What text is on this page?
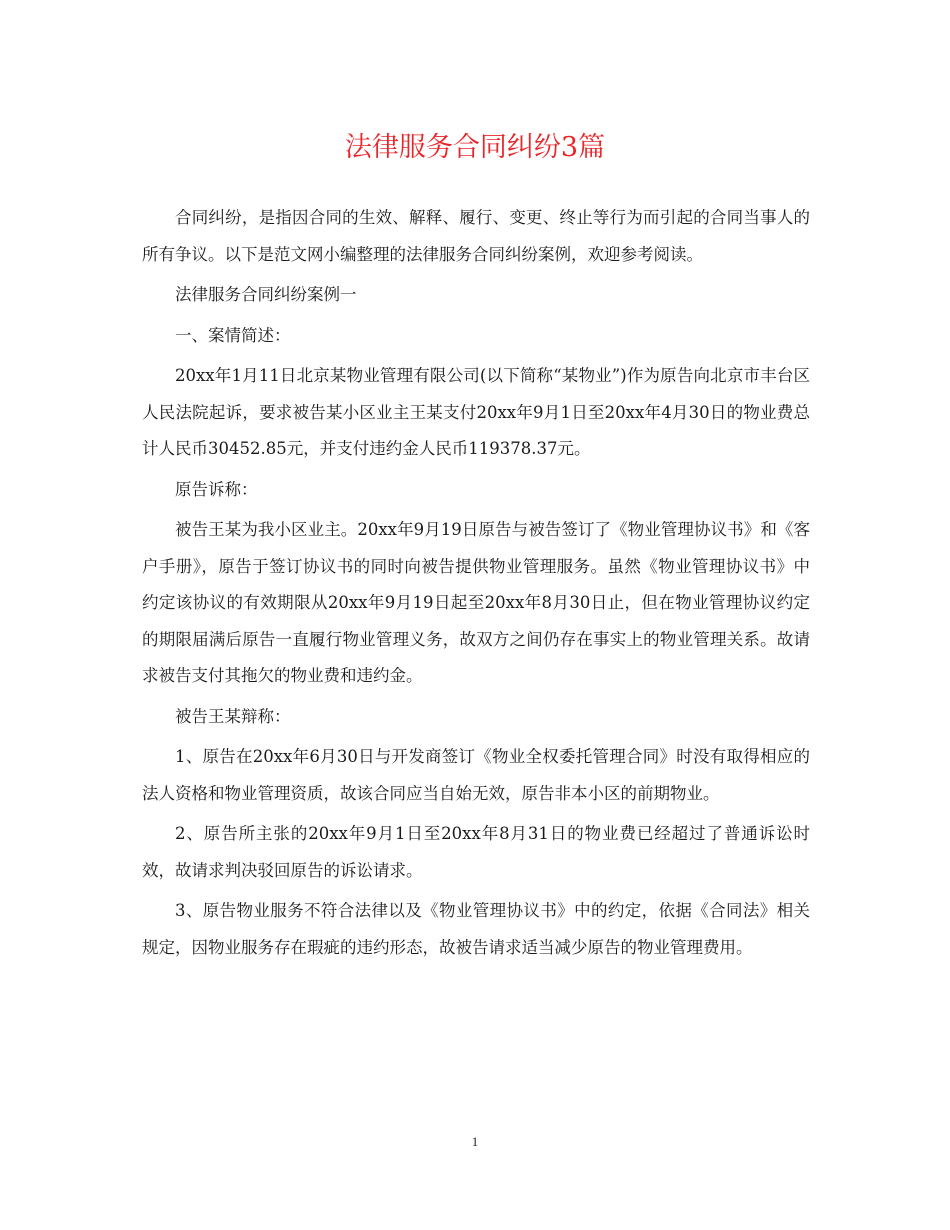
法律服务合同纠纷3篇

合同纠纷，是指因合同的生效、解释、履行、变更、终止等行为而引起的合同当事人的所有争议。以下是范文网小编整理的法律服务合同纠纷案例，欢迎参考阅读。

法律服务合同纠纷案例一

一、案情简述：

20xx年1月11日北京某物业管理有限公司(以下简称“某物业”)作为原告向北京市丰台区人民法院起诉，要求被告某小区业主王某支付20xx年9月1日至20xx年4月30日的物业费总计人民币30452.85元，并支付违约金人民币119378.37元。

原告诉称：

被告王某为我小区业主。20xx年9月19日原告与被告签订了《物业管理协议书》和《客户手册》，原告于签订协议书的同时向被告提供物业管理服务。虽然《物业管理协议书》中约定该协议的有效期限从20xx年9月19日起至20xx年8月30日止，但在物业管理协议约定的期限届满后原告一直履行物业管理义务，故双方之间仍存在事实上的物业管理关系。故请求被告支付其拖欠的物业费和违约金。

被告王某辩称：

1、原告在20xx年6月30日与开发商签订《物业全权委托管理合同》时没有取得相应的法人资格和物业管理资质，故该合同应当自始无效，原告非本小区的前期物业。

2、原告所主张的20xx年9月1日至20xx年8月31日的物业费已经超过了普通诉讼时效，故请求判决驳回原告的诉讼请求。

3、原告物业服务不符合法律以及《物业管理协议书》中的约定，依据《合同法》相关规定，因物业服务存在瑕疵的违约形态，故被告请求适当减少原告的物业管理费用。

1
